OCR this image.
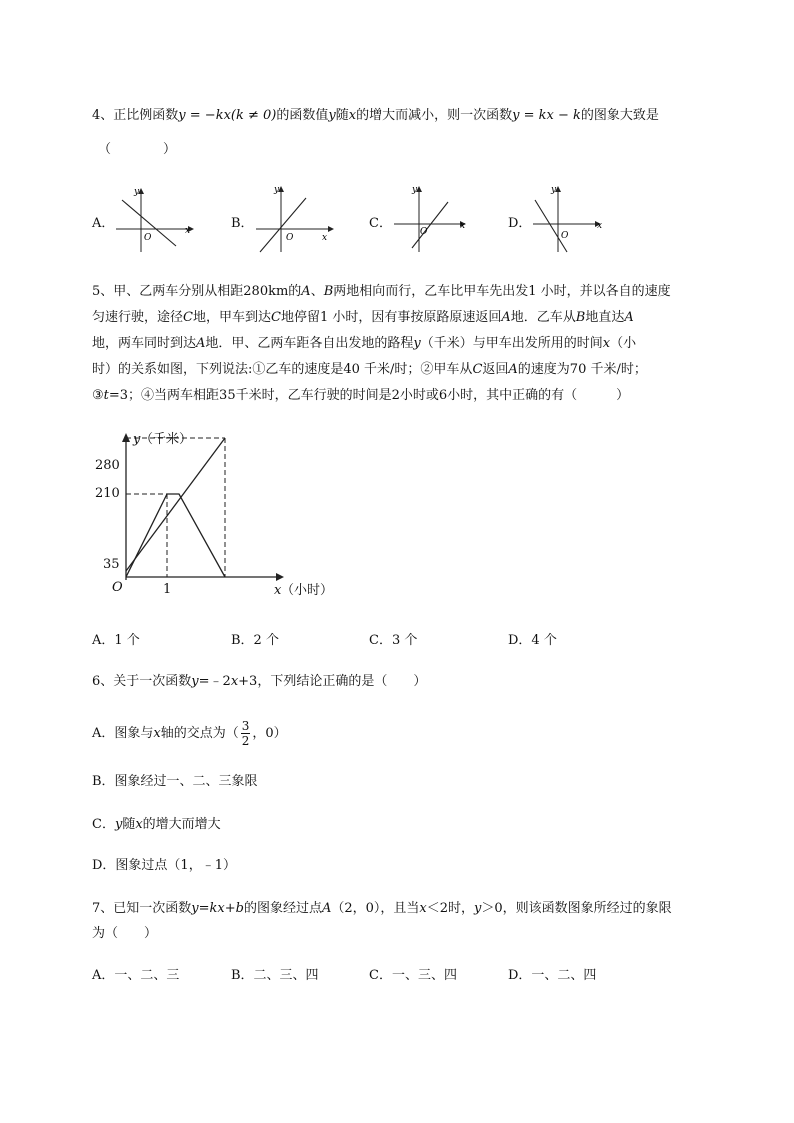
4、正比例函数y = −kx(k ≠ 0)的函数值y随x的增大而减小，则一次函数y = kx − k的图象大致是
（　　　　）
A．
y
x
O
B．
y
x
O
C．
y
x
O
D．
y
x
O
5、甲、乙两车分别从相距280km的A、B两地相向而行，乙车比甲车先出发1 小时，并以各自的速度
匀速行驶，途径C地，甲车到达C地停留1 小时，因有事按原路原速返回A地．乙车从B地直达A
地，两车同时到达A地．甲、乙两车距各自出发地的路程y（千米）与甲车出发所用的时间x（小
时）的关系如图，下列说法:①乙车的速度是40 千米/时；②甲车从C返回A的速度为70 千米/时；
③t=3；④当两车相距35千米时，乙车行驶的时间是2小时或6小时，其中正确的有（　　　）
y （千米）
280
210
35
O	1	x （小时）
A．1 个	B．2 个	C．3 个	D．4 个
6、关于一次函数y=﹣2x+3，下列结论正确的是（　　）
A．图象与x轴的交点为（ $\frac{3}{2}$ ，0）
B．图象经过一、二、三象限
C．y随x的增大而增大
D．图象过点（1，﹣1）
7、已知一次函数y=kx+b的图象经过点A（2，0），且当x＜2时，y＞0，则该函数图象所经过的象限
为（　　）
A．一、二、三	B．二、三、四	C．一、三、四	D．一、二、四
